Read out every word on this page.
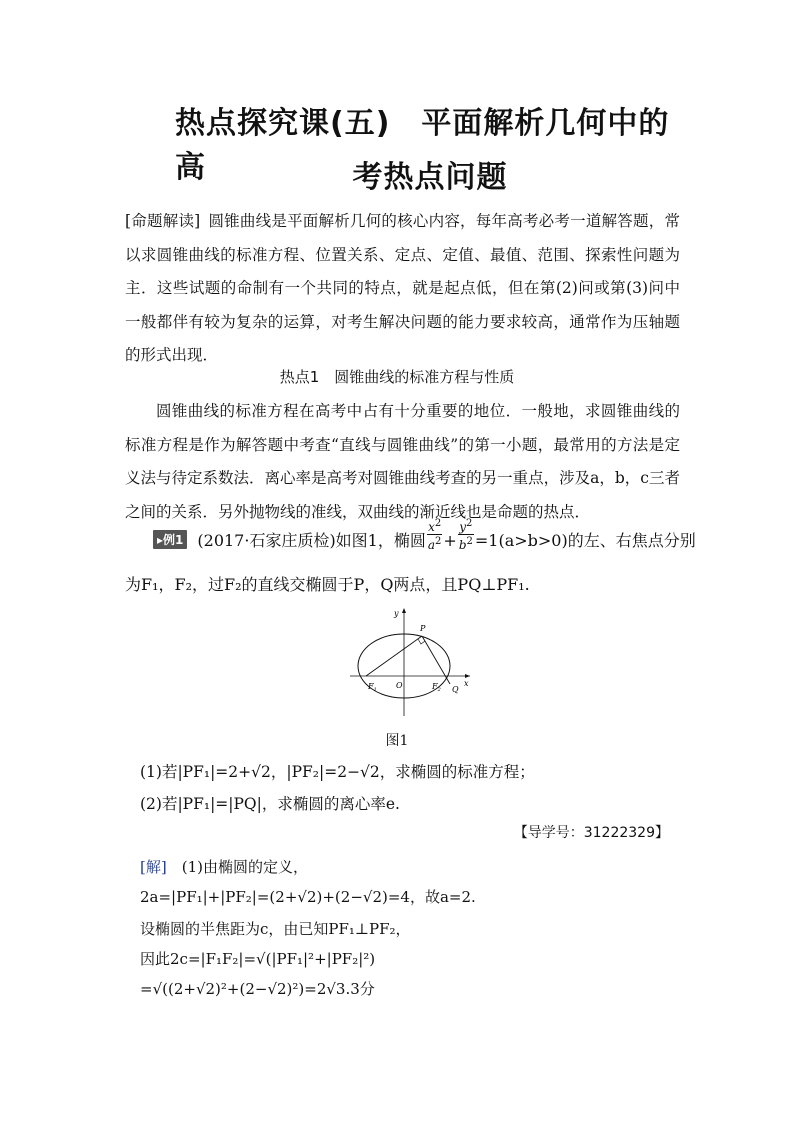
热点探究课(五)　平面解析几何中的高	考热点问题
[命题解读] 圆锥曲线是平面解析几何的核心内容，每年高考必考一道解答题，常以求圆锥曲线的标准方程、位置关系、定点、定值、最值、范围、探索性问题为主．这些试题的命制有一个共同的特点，就是起点低，但在第(2)问或第(3)问中一般都伴有较为复杂的运算，对考生解决问题的能力要求较高，通常作为压轴题的形式出现．
热点1　圆锥曲线的标准方程与性质
圆锥曲线的标准方程在高考中占有十分重要的地位．一般地，求圆锥曲线的标准方程是作为解答题中考查“直线与圆锥曲线”的第一小题，最常用的方法是定义法与待定系数法．离心率是高考对圆锥曲线考查的另一重点，涉及a，b，c三者之间的关系．另外抛物线的准线，双曲线的渐近线也是命题的热点．
▸例1 (2017·石家庄质检)如图1，椭圆 $\frac{x^2}{a^2} + \frac{y^2}{b^2} =1(a>b>0)$的左、右焦点分别
为F₁，F₂，过F₂的直线交椭圆于P，Q两点，且PQ⊥PF₁.
y
x
P
O
$F_1$	$F_2$ Q
图1
(1)若|PF₁|=2+√2，|PF₂|=2−√2，求椭圆的标准方程；
(2)若|PF₁|=|PQ|，求椭圆的离心率e.
【导学号：31222329】
[解]　 (1)由椭圆的定义，
2a=|PF₁|+|PF₂|=(2+√2)+(2−√2)=4，故a=2.
设椭圆的半焦距为c，由已知PF₁⊥PF₂，
因此2c=|F₁F₂|=√(|PF₁|²+|PF₂|²)
=√((2+√2)²+(2−√2)²)=2√3.3分
